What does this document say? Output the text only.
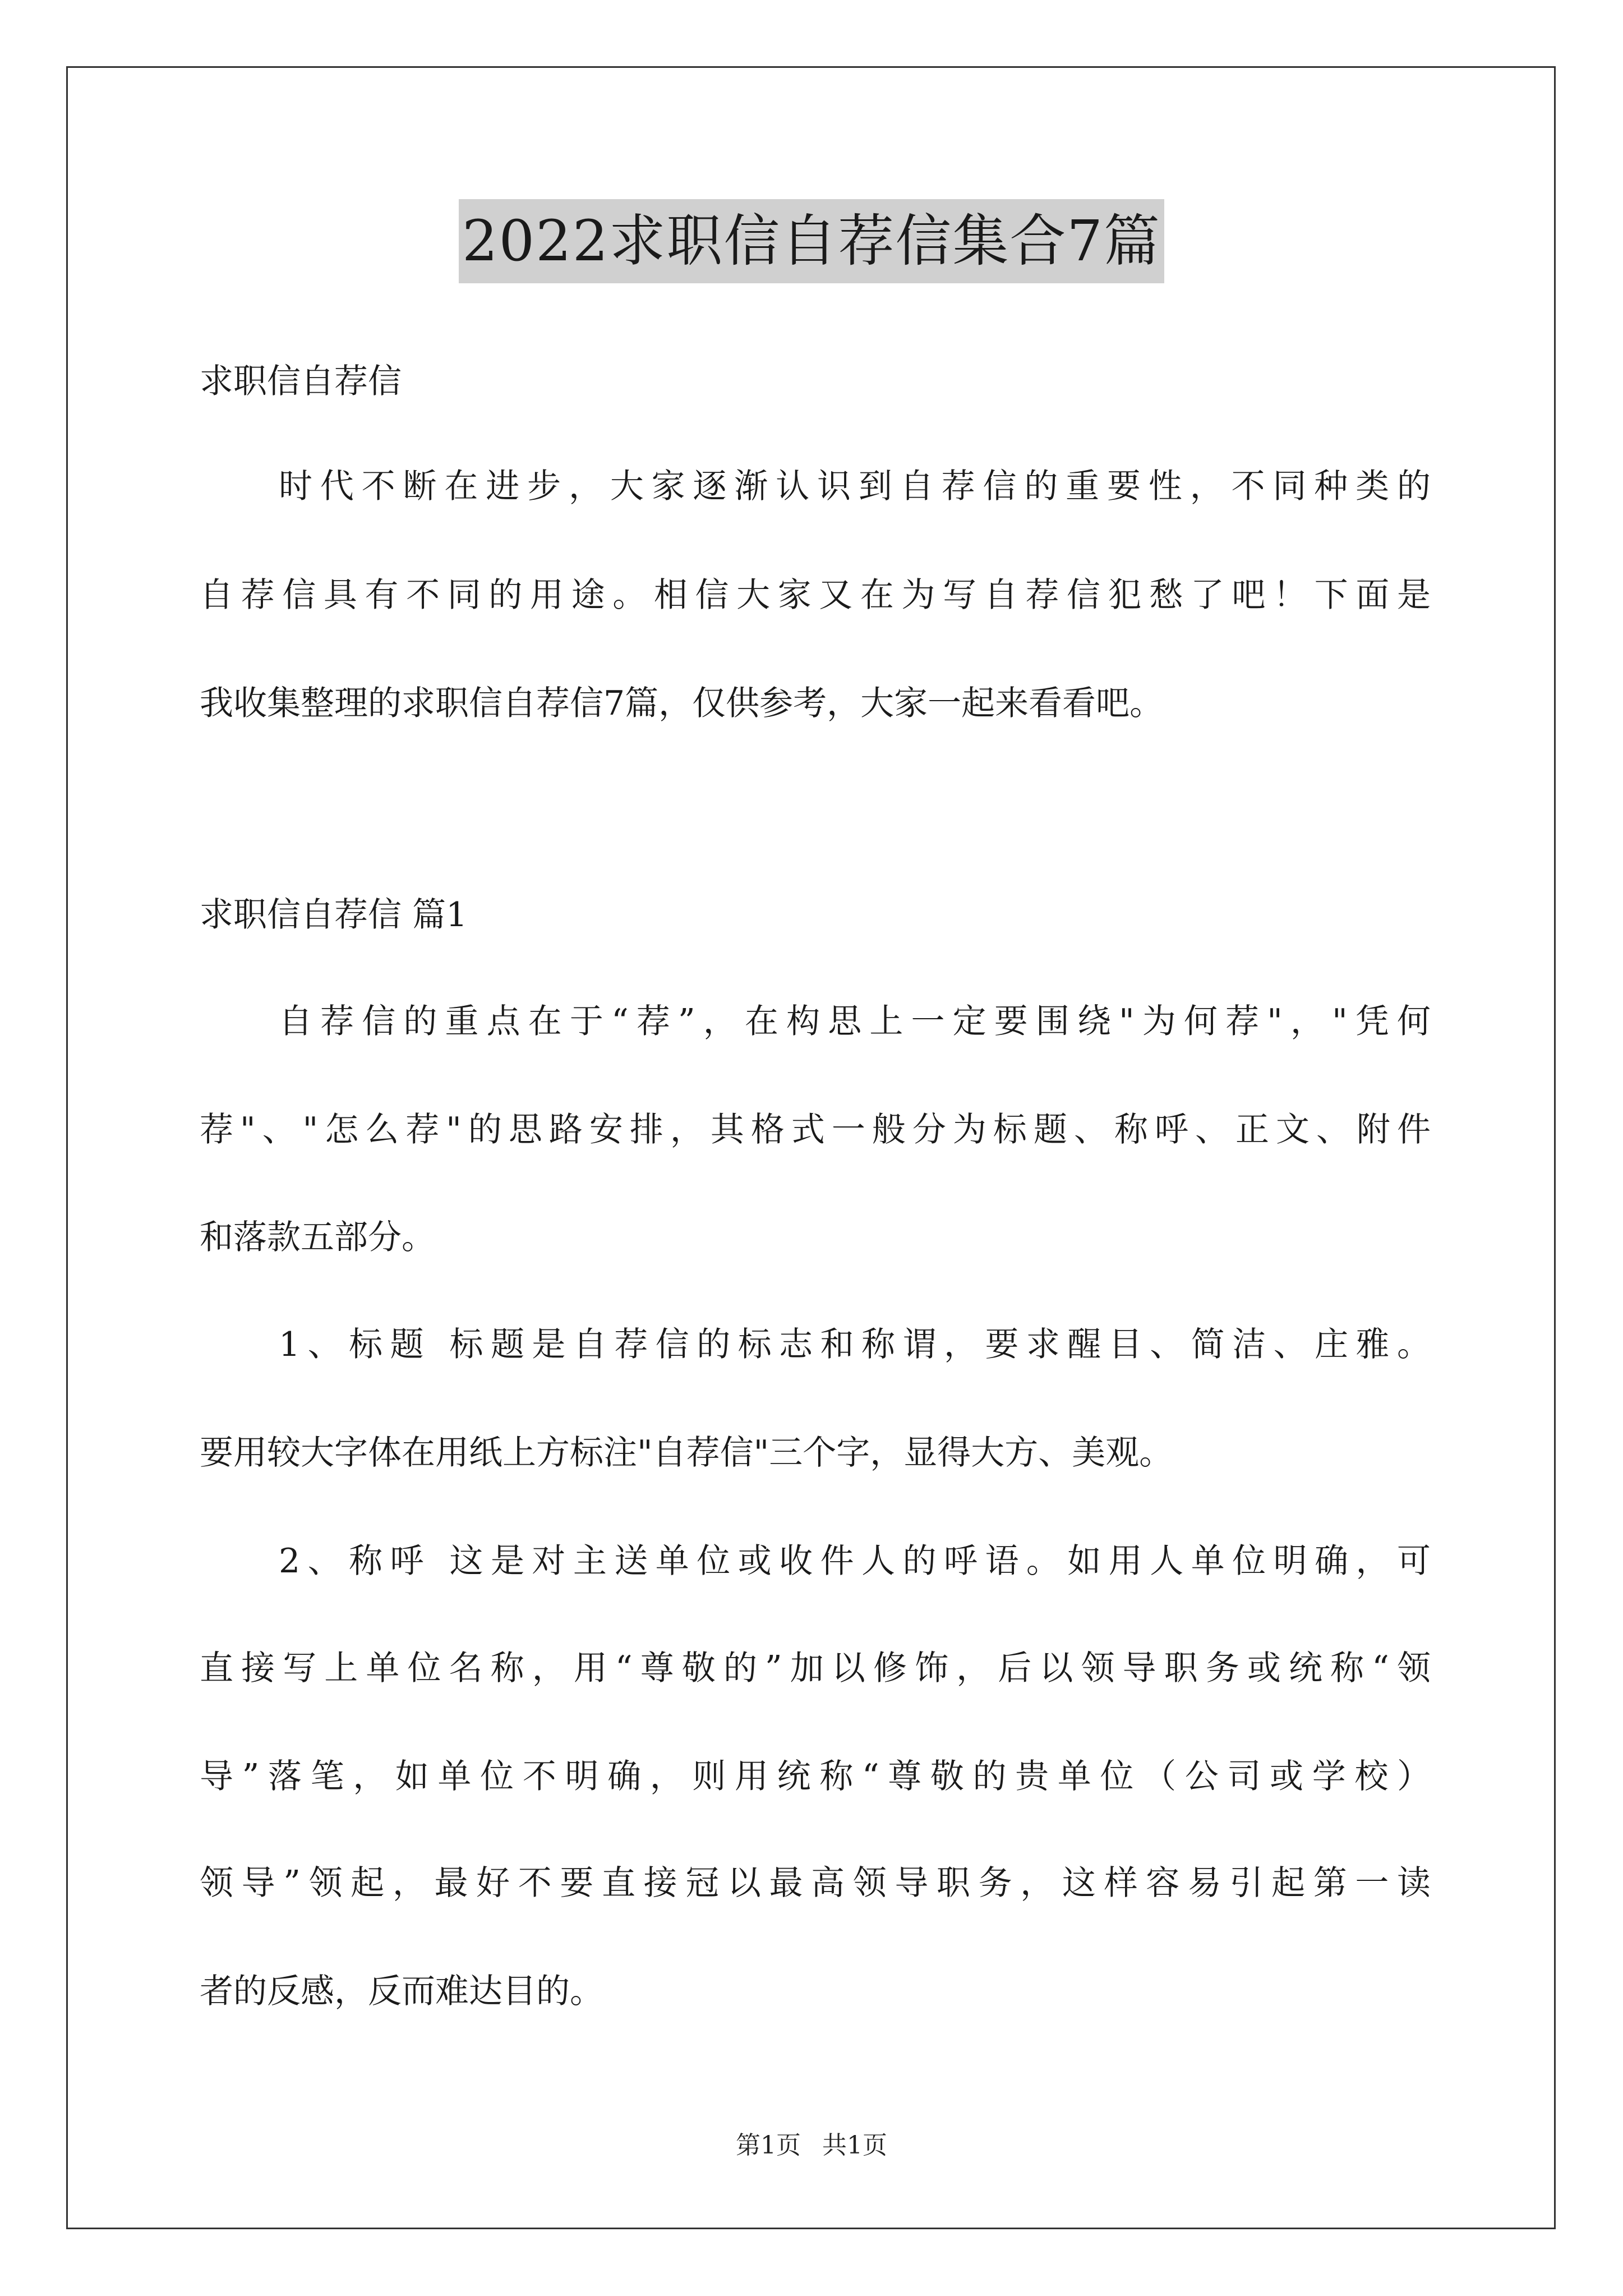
2022求职信自荐信集合7篇
求职信自荐信
时代不断在进步，大家逐渐认识到自荐信的重要性，不同种类的
自荐信具有不同的用途。相信大家又在为写自荐信犯愁了吧！下面是
我收集整理的求职信自荐信7篇，仅供参考，大家一起来看看吧。
求职信自荐信 篇1
自荐信的重点在于“荐”，在构思上一定要围绕"为何荐"，"凭何
荐"、"怎么荐"的思路安排，其格式一般分为标题、称呼、正文、附件
和落款五部分。
1、标题 标题是自荐信的标志和称谓，要求醒目、简洁、庄雅。
要用较大字体在用纸上方标注"自荐信"三个字，显得大方、美观。
2、称呼 这是对主送单位或收件人的呼语。如用人单位明确，可
直接写上单位名称，用“尊敬的”加以修饰，后以领导职务或统称“领
导”落笔，如单位不明确，则用统称“尊敬的贵单位（公司或学校）
领导”领起，最好不要直接冠以最高领导职务，这样容易引起第一读
者的反感，反而难达目的。
第1页 共1页
